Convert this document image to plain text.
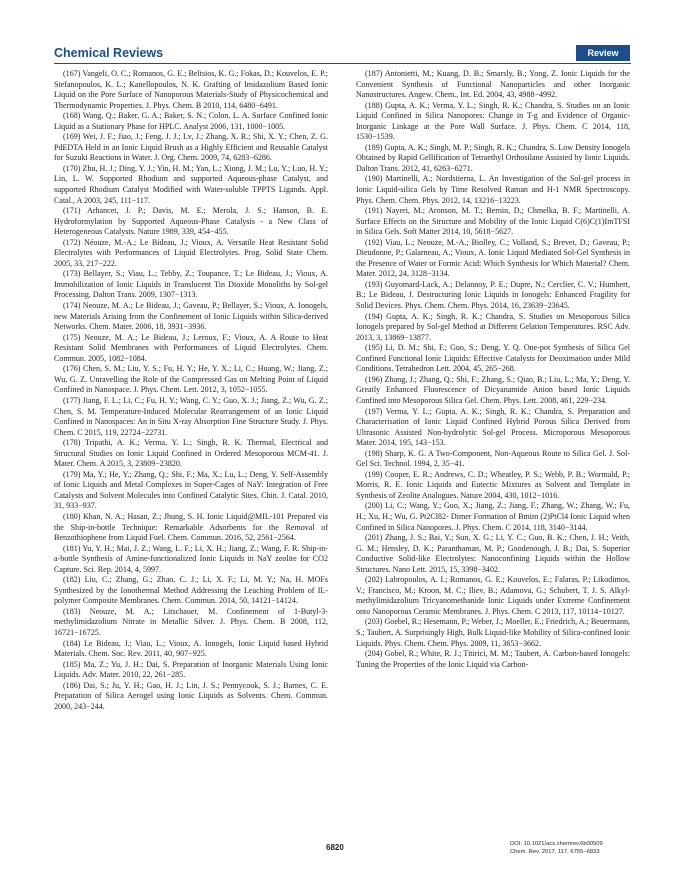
Chemical Reviews	Review

(167) Vangeli, O. C.; Romanos, G. E.; Beltsios, K. G.; Fokas, D.; Kouvelos, E. P.; Stefanopoulos, K. L.; Kanellopoulos, N. K. Grafting of Imidazolium Based Ionic Liquid on the Pore Surface of Nanoporous Materials-Study of Physicochemical and Thermodynamic Properties. J. Phys. Chem. B 2010, 114, 6480−6491.

(168) Wang, Q.; Baker, G. A.; Baker, S. N.; Colon, L. A. Surface Confined Ionic Liquid as a Stationary Phase for HPLC. Analyst 2006, 131, 1000−1005.

(169) Wei, J. F.; Jiao, J.; Feng, J. J.; Lv, J.; Zhang, X. R.; Shi, X. Y.; Chen, Z. G. PdEDTA Held in an Ionic Liquid Brush as a Highly Efficient and Reusable Catalyst for Suzuki Reactions in Water. J. Org. Chem. 2009, 74, 6283−6286.

(170) Zhu, H. J.; Ding, Y. J.; Yin, H. M.; Yan, L.; Xiong, J. M.; Lu, Y.; Luo, H. Y.; Lin, L. W. Supported Rhodium and supported Aqueous-phase Catalyst, and supported Rhodium Catalyst Modified with Water-soluble TPPTS Ligands. Appl. Catal., A 2003, 245, 111−117.

(171) Arhancet, J. P.; Davis, M. E.; Merola, J. S.; Hanson, B. E. Hydroformylation by Supported Aqueous-Phase Catalysis - a New Class of Heterogeneous Catalysts. Nature 1989, 339, 454−455.

(172) Néouze, M.-A.; Le Bideau, J.; Vioux, A. Versatile Heat Resistant Solid Electrolytes with Performances of Liquid Electrolytes. Prog. Solid State Chem. 2005, 33, 217−222.

(173) Bellayer, S.; Viau, L.; Tebby, Z.; Toupance, T.; Le Bideau, J.; Vioux, A. Immobilization of Ionic Liquids in Translucent Tin Dioxide Monoliths by Sol-gel Processing. Dalton Trans. 2009, 1307−1313.

(174) Neouze, M. A.; Le Bideau, J.; Gaveau, P.; Bellayer, S.; Vioux, A. Ionogels, new Materials Arising from the Confinement of Ionic Liquids within Silica-derived Networks. Chem. Mater. 2006, 18, 3931−3936.

(175) Neouze, M. A.; Le Bideau, J.; Leroux, F.; Vioux, A. A Route to Heat Resistant Solid Membranes with Performances of Liquid Electrolytes. Chem. Commun. 2005, 1082−1084.

(176) Chen, S. M.; Liu, Y. S.; Fu, H. Y.; He, Y. X.; Li, C.; Huang, W.; Jiang, Z.; Wu, G. Z. Unravelling the Role of the Compressed Gas on Melting Point of Liquid Confined in Nanospace. J. Phys. Chem. Lett. 2012, 3, 1052−1055.

(177) Jiang, F. L.; Li, C.; Fu, H. Y.; Wang, C. Y.; Guo, X. J.; Jiang, Z.; Wu, G. Z.; Chen, S. M. Temperature-Induced Molecular Rearrangement of an Ionic Liquid Confined in Nanospaces: An in Situ X-ray Absorption Fine Structure Study. J. Phys. Chem. C 2015, 119, 22724−22731.

(178) Tripathi, A. K.; Verma, Y. L.; Singh, R. K. Thermal, Electrical and Structural Studies on Ionic Liquid Confined in Ordered Mesoporous MCM-41. J. Mater. Chem. A 2015, 3, 23809−23820.

(179) Ma, Y.; He, Y.; Zhang, Q.; Shi, F.; Ma, X.; Lu, L.; Deng, Y. Self-Assembly of Ionic Liquids and Metal Complexes in Super-Cages of NaY: Integration of Free Catalysts and Solvent Molecules into Confined Catalytic Sites. Chin. J. Catal. 2010, 31, 933−937.

(180) Khan, N. A.; Hasan, Z.; Jhung, S. H. Ionic Liquid@MIL-101 Prepared via the Ship-in-bottle Technique: Remarkable Adsorbents for the Removal of Benzothiophene from Liquid Fuel. Chem. Commun. 2016, 52, 2561−2564.

(181) Yu, Y. H.; Mai, J. Z.; Wang, L. F.; Li, X. H.; Jiang, Z.; Wang, F. R. Ship-in-a-bottle Synthesis of Amine-functionalized Ionic Liquids in NaY zeolite for CO2 Capture. Sci. Rep. 2014, 4, 5997.

(182) Liu, C.; Zhang, G.; Zhao, C. J.; Li, X. F.; Li, M. Y.; Na, H. MOFs Synthesized by the Ionothermal Method Addressing the Leaching Problem of IL-polymer Composite Membranes. Chem. Commun. 2014, 50, 14121−14124.

(183) Neouze, M. A.; Litschauer, M. Confinement of 1-Butyl-3-methylimidazolium Nitrate in Metallic Silver. J. Phys. Chem. B 2008, 112, 16721−16725.

(184) Le Bideau, J.; Viau, L.; Vioux, A. Ionogels, Ionic Liquid based Hybrid Materials. Chem. Soc. Rev. 2011, 40, 907−925.

(185) Ma, Z.; Yu, J. H.; Dai, S. Preparation of Inorganic Materials Using Ionic Liquids. Adv. Mater. 2010, 22, 261−285.

(186) Dai, S.; Ju, Y. H.; Gao, H. J.; Lin, J. S.; Pennycook, S. J.; Barnes, C. E. Preparation of Silica Aerogel using Ionic Liquids as Solvents. Chem. Commun. 2000, 243−244.

(187) Antonietti, M.; Kuang, D. B.; Smarsly, B.; Yong, Z. Ionic Liquids for the Convenient Synthesis of Functional Nanoparticles and other Inorganic Nanostructures. Angew. Chem., Int. Ed. 2004, 43, 4988−4992.

(188) Gupta, A. K.; Verma, Y. L.; Singh, R. K.; Chandra, S. Studies on an Ionic Liquid Confined in Silica Nanopores: Change in T-g and Evidence of Organic-Inorganic Linkage at the Pore Wall Surface. J. Phys. Chem. C 2014, 118, 1530−1539.

(189) Gupta, A. K.; Singh, M. P.; Singh, R. K.; Chandra, S. Low Density Ionogels Obtained by Rapid Gellification of Tetraethyl Orthosilane Assisted by Ionic Liquids. Dalton Trans. 2012, 41, 6263−6271.

(190) Martinelli, A.; Nordstierna, L. An Investigation of the Sol-gel process in Ionic Liquid-silica Gels by Time Resolved Raman and H-1 NMR Spectroscopy. Phys. Chem. Chem. Phys. 2012, 14, 13216−13223.

(191) Nayeri, M.; Aronson, M. T.; Bernin, D.; Chmelka, B. F.; Martinelli, A. Surface Effects on the Structure and Mobility of the Ionic Liquid C(6)C(1)ImTFSI in Silica Gels. Soft Matter 2014, 10, 5618−5627.

(192) Viau, L.; Neouze, M.-A.; Biolley, C.; Volland, S.; Brevet, D.; Gaveau, P.; Dieudonne, P.; Galarneau, A.; Vioux, A. Ionic Liquid Mediated Sol-Gel Synthesis in the Presence of Water or Formic Acid: Which Synthesis for Which Material? Chem. Mater. 2012, 24, 3128−3134.

(193) Guyomard-Lack, A.; Delannoy, P. E.; Dupre, N.; Cerclier, C. V.; Humbert, B.; Le Bideau, J. Destructuring Ionic Liquids in Ionogels: Enhanced Fragility for Solid Devices. Phys. Chem. Chem. Phys. 2014, 16, 23639−23645.

(194) Gupta, A. K.; Singh, R. K.; Chandra, S. Studies on Mesoporous Silica Ionogels prepared by Sol-gel Method at Different Gelation Temperatures. RSC Adv. 2013, 3, 13869−13877.

(195) Li, D. M.; Shi, F.; Guo, S.; Deng, Y. Q. One-pot Synthesis of Silica Gel Confined Functional Ionic Liquids: Effective Catalysts for Deoximation under Mild Conditions. Tetrahedron Lett. 2004, 45, 265−268.

(196) Zhang, J.; Zhang, Q.; Shi, F.; Zhang, S.; Qiao, B.; Liu, L.; Ma, Y.; Deng, Y. Greatly Enhanced Fluorescence of Dicyanamide Anion based Ionic Liquids Confined into Mesoporous Silica Gel. Chem. Phys. Lett. 2008, 461, 229−234.

(197) Verma, Y. L.; Gupta, A. K.; Singh, R. K.; Chandra, S. Preparation and Characterisation of Ionic Liquid Confined Hybrid Porous Silica Derived from Ultrasonic Assisted Non-hydrolytic Sol-gel Process. Microporous Mesoporous Mater. 2014, 195, 143−153.

(198) Sharp, K. G. A Two-Component, Non-Aqueous Route to Silica Gel. J. Sol-Gel Sci. Technol. 1994, 2, 35−41.

(199) Cooper, E. R.; Andrews, C. D.; Wheatley, P. S.; Webb, P. B.; Wormald, P.; Morris, R. E. Ionic Liquids and Eutectic Mixtures as Solvent and Template in Synthesis of Zeolite Analogues. Nature 2004, 430, 1012−1016.

(200) Li, C.; Wang, Y.; Guo, X.; Jiang, Z.; Jiang, F.; Zhang, W.; Zhang, W.; Fu, H.; Xu, H.; Wu, G. Pt2Cl82- Dimer Formation of Bmim (2)PtCl4 Ionic Liquid when Confined in Silica Nanopores. J. Phys. Chem. C 2014, 118, 3140−3144.

(201) Zhang, J. S.; Bai, Y.; Sun, X. G.; Li, Y. C.; Guo, B. K.; Chen, J. H.; Veith, G. M.; Hensley, D. K.; Paranthaman, M. P.; Goodenough, J. B.; Dai, S. Superior Conductive Solid-like Electrolytes: Nanoconfining Liquids within the Hollow Structures. Nano Lett. 2015, 15, 3398−3402.

(202) Labropoulos, A. I.; Romanos, G. E.; Kouvelos, E.; Falaras, P.; Likodimos, V.; Francisco, M.; Kroon, M. C.; Iliev, B.; Adamova, G.; Schubert, T. J. S. Alkyl-methylimidazolium Tricyanomethanide Ionic Liquids under Extreme Confinement onto Nanoporous Ceramic Membranes. J. Phys. Chem. C 2013, 117, 10114−10127.

(203) Goebel, R.; Hesemann, P.; Weber, J.; Moeller, E.; Friedrich, A.; Beuermann, S.; Taubert, A. Surprisingly High, Bulk Liquid-like Mobility of Silica-confined Ionic Liquids. Phys. Chem. Chem. Phys. 2009, 11, 3653−3662.

(204) Gobel, R.; White, R. J.; Titirici, M. M.; Taubert, A. Carbon-based Ionogels: Tuning the Properties of the Ionic Liquid via Carbon-

6820	DOI: 10.1021/acs.chemrev.6b00509
Chem. Rev. 2017, 117, 6755−6833
